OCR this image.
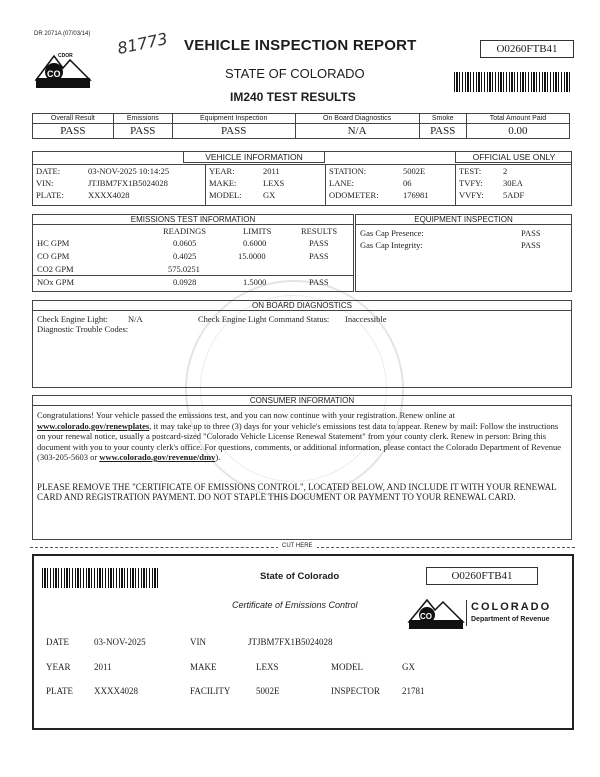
DR 2071A (07/03/14) 81773
CO
CDOR
VEHICLE INSPECTION REPORT
STATE OF COLORADO
IM240 TEST RESULTS
O0260FTB41
Overall Result	Emissions	Equipment Inspection	On Board Diagnostics	Smoke	Total Amount Paid
PASS	PASS	PASS	N/A	PASS	0.00
VEHICLE INFORMATION	OFFICIAL USE ONLY
DATE:	03-NOV-2025 10:14:25
VIN:	JTJBM7FX1B5024028
PLATE:	XXXX4028
YEAR:	2011
MAKE:	LEXS
MODEL:	GX
STATION:	5002E
LANE:	06
ODOMETER:	176981
TEST:	2
TVFY: 30EA
VVFY: 5ADF
EMISSIONS TEST INFORMATION
READINGS	LIMITS	RESULTS
HC GPM	0.0605	0.6000	PASS
CO GPM	0.4025	15.0000	PASS
CO2 GPM	575.0251
NOx GPM	0.0928	1.5000	PASS
EQUIPMENT INSPECTION
Gas Cap Presence:	PASS
Gas Cap Integrity:	PASS
ON BOARD DIAGNOSTICS
Check Engine Light: N/A	Check Engine Light Command Status: Inaccessible
Diagnostic Trouble Codes:
CONSUMER INFORMATION
Congratulations! Your vehicle passed the emissions test, and you can now continue with your registration. Renew online at www.colorado.gov/renewplates, it may take up to three (3) days for your vehicle's emissions test data to appear. Renew by mail: Follow the instructions on your renewal notice, usually a postcard-sized "Colorado Vehicle License Renewal Statement" from your county clerk. Renew in person: Bring this document with you to your county clerk's office. For questions, comments, or additional information, please contact the Colorado Department of Revenue (303-205-5603 or www.colorado.gov/revenue/dmv).
PLEASE REMOVE THE "CERTIFICATE OF EMISSIONS CONTROL", LOCATED BELOW, AND INCLUDE IT WITH YOUR RENEWAL CARD AND REGISTRATION PAYMENT. DO NOT STAPLE THIS DOCUMENT OR PAYMENT TO YOUR RENEWAL CARD.
CUT HERE
State of Colorado
Certificate of Emissions Control
O0260FTB41
CO
COLORADO
Department of Revenue
DATE	03-NOV-2025	VIN	JTJBM7FX1B5024028
YEAR	2011	MAKE	LEXS	MODEL	GX
PLATE XXXX4028	FACILITY	5002E	INSPECTOR 21781
